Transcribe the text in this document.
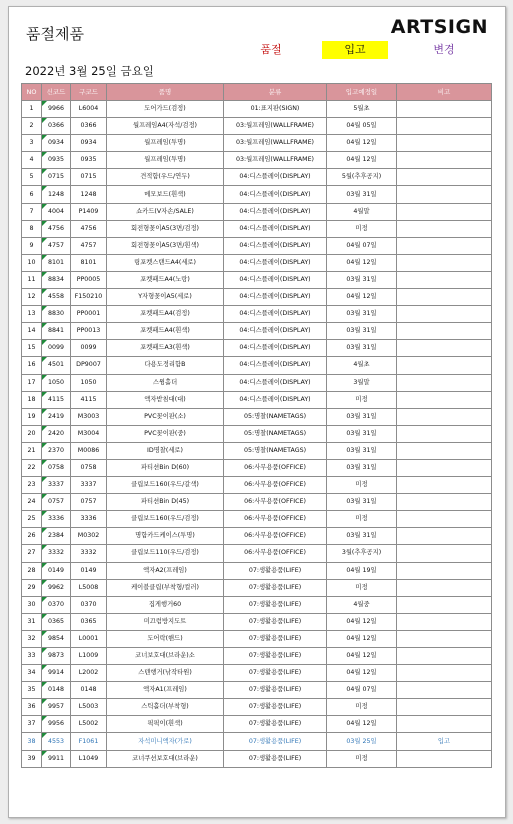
품절제품	ARTSIGN
품절	입고	변경
2022년 3월 25일 금요일
NO	신코드	구코드	품명	분류	입고예정일	비고
1	9966	L6004	도어가드(검정)	01:표지판(SIGN)	5월초	
2	0366	0366	월프레임A4(자석/검정)	03:월프레임(WALLFRAME)	04월 05일	
3	0934	0934	월프레임(투명)	03:월프레임(WALLFRAME)	04월 12일	
4	0935	0935	월프레임(투명)	03:월프레임(WALLFRAME)	04월 12일	
5	0715	0715	견적함(우드/연두)	04:디스플레이(DISPLAY)	5월(추후공지)	
6	1248	1248	메모보드(흰색)	04:디스플레이(DISPLAY)	03월 31일	
7	4004	P1409	쇼카드(V자손/SALE)	04:디스플레이(DISPLAY)	4월말	
8	4756	4756	회전형꽂이A5(3면/검정)	04:디스플레이(DISPLAY)	미정	
9	4757	4757	회전형꽂이A5(3면/흰색)	04:디스플레이(DISPLAY)	04월 07일	
10	8101	8101	링포켓스탠드A4(세로)	04:디스플레이(DISPLAY)	04월 12일	
11	8834	PP0005	포켓패드A4(노랑)	04:디스플레이(DISPLAY)	03월 31일	
12	4558	F150210	Y자형꽂이A5(세로)	04:디스플레이(DISPLAY)	04월 12일	
13	8830	PP0001	포켓패드A4(검정)	04:디스플레이(DISPLAY)	03월 31일	
14	8841	PP0013	포켓패드A4(흰색)	04:디스플레이(DISPLAY)	03월 31일	
15	0099	0099	포켓패드A3(흰색)	04:디스플레이(DISPLAY)	03월 31일	
16	4501	DP9007	다용도정리함B	04:디스플레이(DISPLAY)	4월초	
17	1050	1050	스윙홀더	04:디스플레이(DISPLAY)	3월말	
18	4115	4115	액자받침대(대)	04:디스플레이(DISPLAY)	미정	
19	2419	M3003	PVC꽂이판(소)	05:명찰(NAMETAGS)	03월 31일	
20	2420	M3004	PVC꽂이판(중)	05:명찰(NAMETAGS)	03월 31일	
21	2370	M0086	ID명찰(세로)	05:명찰(NAMETAGS)	03월 31일	
22	0758	0758	파티션Bin D(60)	06:사무용품(OFFICE)	03월 31일	
23	3337	3337	클립보드160(우드/갈색)	06:사무용품(OFFICE)	미정	
24	0757	0757	파티션Bin D(45)	06:사무용품(OFFICE)	03월 31일	
25	3336	3336	클립보드160(우드/검정)	06:사무용품(OFFICE)	미정	
26	2384	M0302	명함카드케이스(투명)	06:사무용품(OFFICE)	03월 31일	
27	3332	3332	클립보드110(우드/검정)	06:사무용품(OFFICE)	3월(추후공지)	
28	0149	0149	액자A2(프레임)	07:생활용품(LIFE)	04월 19일	
29	9962	L5008	케이블클립(부착형/컬러)	07:생활용품(LIFE)	미정	
30	0370	0370	집게행거60	07:생활용품(LIFE)	4월중	
31	0365	0365	미끄럼방지도트	07:생활용품(LIFE)	04월 12일	
32	9854	L0001	도어락(핸드)	07:생활용품(LIFE)	04월 12일	
33	9873	L1009	코너보호대(브라운)소	07:생활용품(LIFE)	04월 12일	
34	9914	L2002	스텐행거(낚작타원)	07:생활용품(LIFE)	04월 12일	
35	0148	0148	액자A1(프레임)	07:생활용품(LIFE)	04월 07일	
36	9957	L5003	스틱홀더(부착형)	07:생활용품(LIFE)	미정	
37	9956	L5002	픽픽이(흰색)	07:생활용품(LIFE)	04월 12일	
38	4553	F1061	자석미니액자(가로)	07:생활용품(LIFE)	03월 25일	입고
39	9911	L1049	코너쿠션보호대(브라운)	07:생활용품(LIFE)	미정	
